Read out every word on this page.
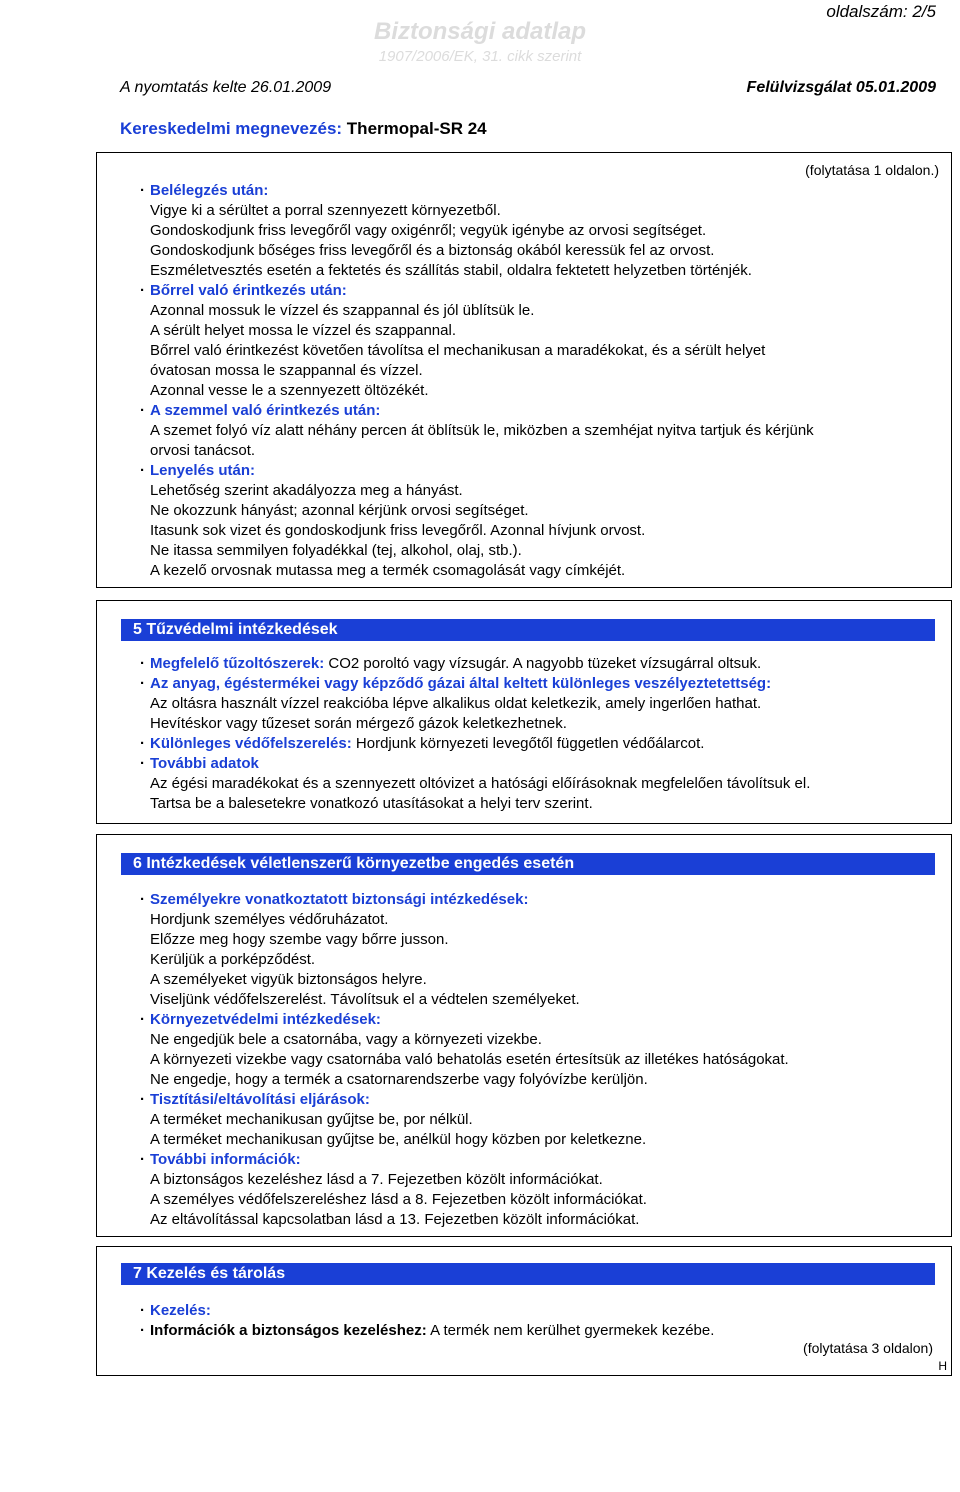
oldalszám: 2/5
Biztonsági adatlap
1907/2006/EK, 31. cikk szerint
A nyomtatás kelte 26.01.2009	Felülvizsgálat 05.01.2009
Kereskedelmi megnevezés: Thermopal-SR 24
(folytatása 1 oldalon.)
· Belélegzés után:
Vigye ki a sérültet a porral szennyezett környezetből.
Gondoskodjunk friss levegőről vagy oxigénről; vegyük igénybe az orvosi segítséget.
Gondoskodjunk bőséges friss levegőről és a biztonság okából keressük fel az orvost.
Eszméletvesztés esetén a fektetés és szállítás stabil, oldalra fektetett helyzetben történjék.
· Bőrrel való érintkezés után:
Azonnal mossuk le vízzel és szappannal és jól üblítsük le.
A sérült helyet mossa le vízzel és szappannal.
Bőrrel való érintkezést követően távolítsa el mechanikusan a maradékokat, és a sérült helyet
óvatosan mossa le szappannal és vízzel.
Azonnal vesse le a szennyezett öltözékét.
· A szemmel való érintkezés után:
A szemet folyó víz alatt néhány percen át öblítsük le, miközben a szemhéjat nyitva tartjuk és kérjünk
orvosi tanácsot.
· Lenyelés után:
Lehetőség szerint akadályozza meg a hányást.
Ne okozzunk hányást; azonnal kérjünk orvosi segítséget.
Itasunk sok vizet és gondoskodjunk friss levegőről. Azonnal hívjunk orvost.
Ne itassa semmilyen folyadékkal (tej, alkohol, olaj, stb.).
A kezelő orvosnak mutassa meg a termék csomagolását vagy címkéjét.
5 Tűzvédelmi intézkedések
· Megfelelő tűzoltószerek: CO2 poroltó vagy vízsugár. A nagyobb tüzeket vízsugárral oltsuk.
· Az anyag, égéstermékei vagy képződő gázai által keltett különleges veszélyeztetettség:
Az oltásra használt vízzel reakcióba lépve alkalikus oldat keletkezik, amely ingerlően hathat.
Hevítéskor vagy tűzeset során mérgező gázok keletkezhetnek.
· Különleges védőfelszerelés: Hordjunk környezeti levegőtől független védőálarcot.
· További adatok
Az égési maradékokat és a szennyezett oltóvizet a hatósági előírásoknak megfelelően távolítsuk el.
Tartsa be a balesetekre vonatkozó utasításokat a helyi terv szerint.
6 Intézkedések véletlenszerű környezetbe engedés esetén
· Személyekre vonatkoztatott biztonsági intézkedések:
Hordjunk személyes védőruházatot.
Előzze meg hogy szembe vagy bőrre jusson.
Kerüljük a porképződést.
A személyeket vigyük biztonságos helyre.
Viseljünk védőfelszerelést. Távolítsuk el a védtelen személyeket.
· Környezetvédelmi intézkedések:
Ne engedjük bele a csatornába, vagy a környezeti vizekbe.
A környezeti vizekbe vagy csatornába való behatolás esetén értesítsük az illetékes hatóságokat.
Ne engedje, hogy a termék a csatornarendszerbe vagy folyóvízbe kerüljön.
· Tisztítási/eltávolítási eljárások:
A terméket mechanikusan gyűjtse be, por nélkül.
A terméket mechanikusan gyűjtse be, anélkül hogy közben por keletkezne.
· További információk:
A biztonságos kezeléshez lásd a 7. Fejezetben közölt információkat.
A személyes védőfelszereléshez lásd a 8. Fejezetben közölt információkat.
Az eltávolítással kapcsolatban lásd a 13. Fejezetben közölt információkat.
7 Kezelés és tárolás
· Kezelés:
· Információk a biztonságos kezeléshez: A termék nem kerülhet gyermekek kezébe.
(folytatása 3 oldalon)
H
